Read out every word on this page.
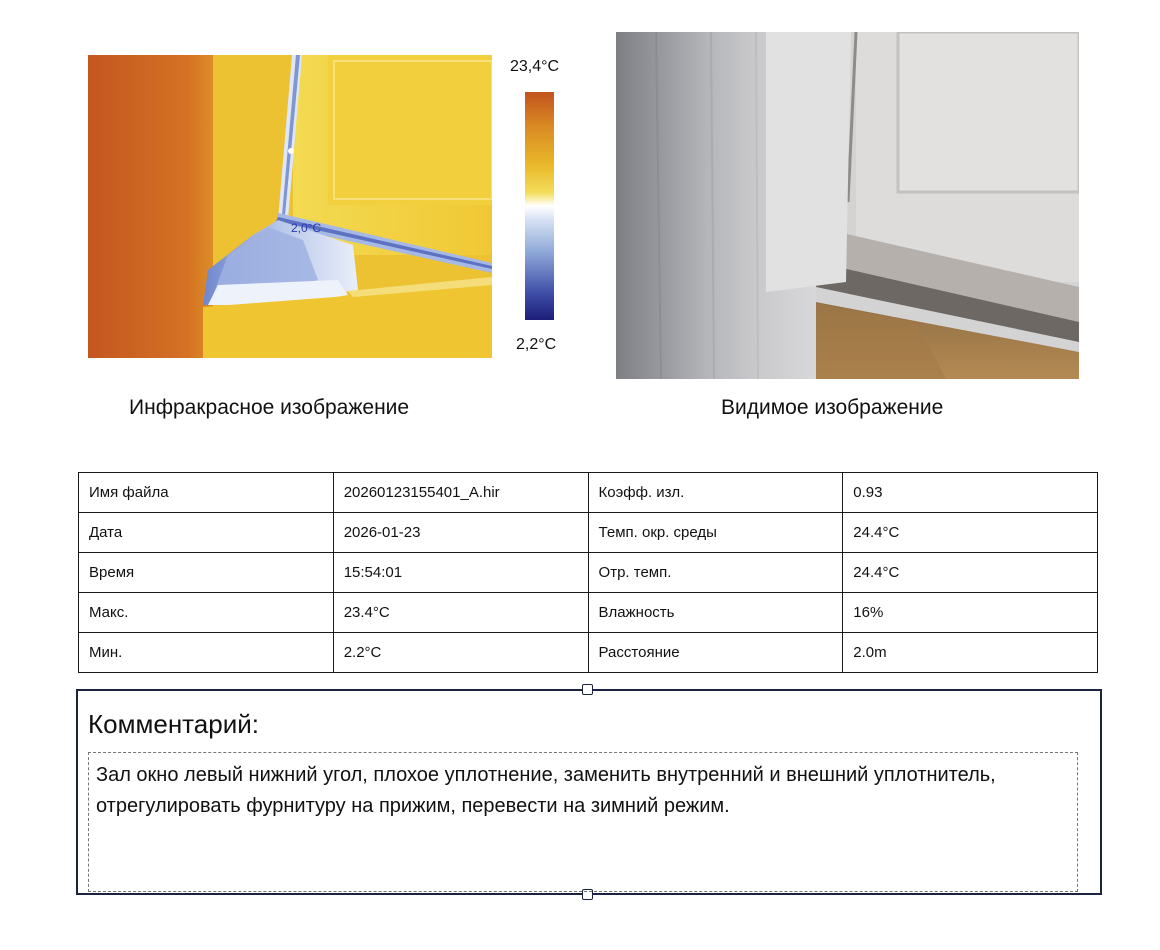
2,0°C
23,4°C
2,2°C
Инфракрасное изображение	Видимое изображение
Имя файла	20260123155401_A.hir	Коэфф. изл.	0.93
Дата	2026-01-23	Темп. окр. среды	24.4°C
Время	15:54:01	Отр. темп.	24.4°C
Макс.	23.4°C	Влажность	16%
Мин.	2.2°C	Расстояние	2.0m
Комментарий:
Зал окно левый нижний угол, плохое уплотнение, заменить внутренний и внешний уплотнитель, отрегулировать фурнитуру на прижим, перевести на зимний режим.
